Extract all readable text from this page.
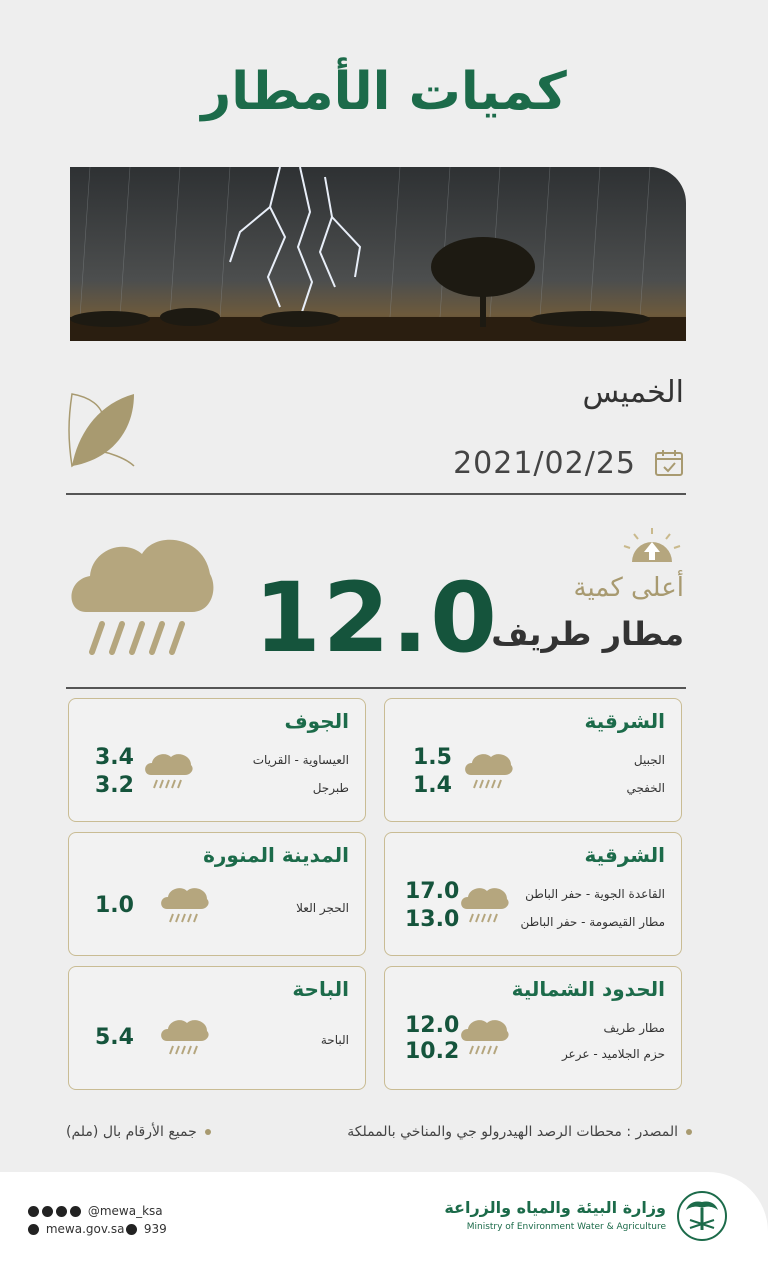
كميات الأمطار
الخميس
2021/02/25
12.0	أعلى كمية
مطار طريف
الشرقية
الجبيل
الخفجي
1.5
1.4
الجوف
العيساوية - القريات
طبرجل
3.4
3.2
الشرقية
القاعدة الجوية - حفر الباطن
مطار القيصومة - حفر الباطن
17.0
13.0
المدينة المنورة
الحجر العلا
1.0
الحدود الشمالية
مطار طريف
حزم الجلاميد - عرعر
12.0
10.2
الباحة
الباحة
5.4
المصدر : محطات الرصد الهيدرولو جي والمناخي بالمملكة
جميع الأرقام بال (ملم)
@mewa_ksa
mewa.gov.sa	939
وزارة البيئة والمياه والزراعة
Ministry of Environment Water & Agriculture
